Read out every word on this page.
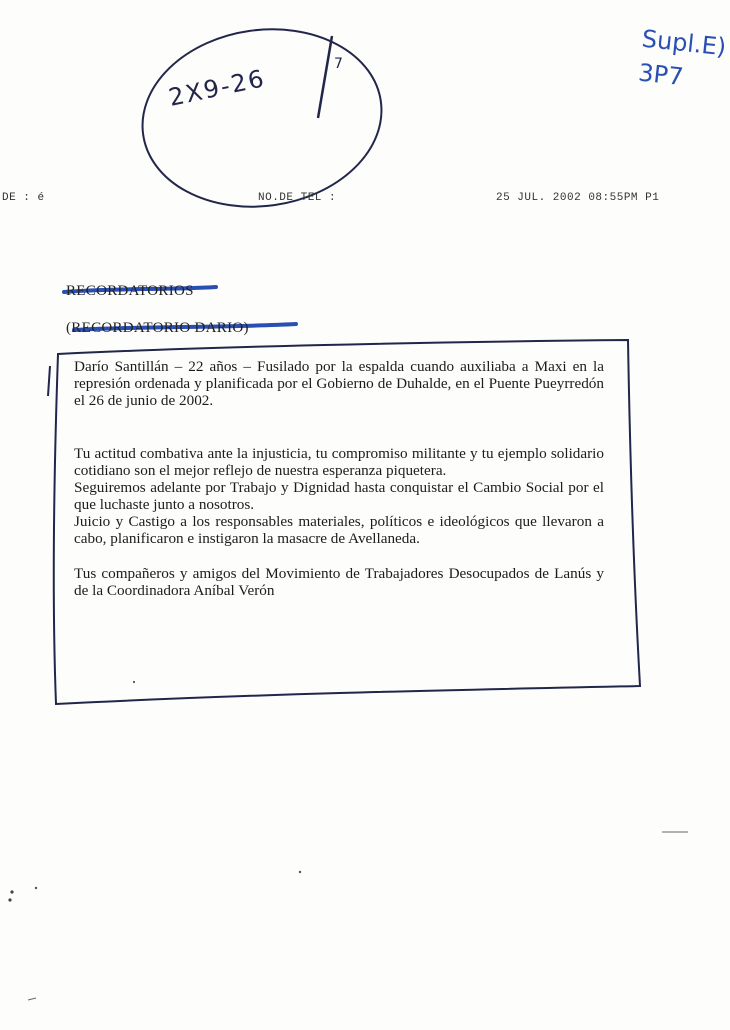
Supl.E)
3P7
2X9-26
7
DE : é	NO.DE TEL :	25 JUL. 2002 08:55PM P1
RECORDATORIOS
(RECORDATORIO DARIO)

Darío Santillán – 22 años – Fusilado por la espalda cuando auxiliaba a Maxi en la represión ordenada y planificada por el Gobierno de Duhalde, en el Puente Pueyrredón el 26 de junio de 2002.

Tu actitud combativa ante la injusticia, tu compromiso militante y tu ejemplo solidario cotidiano son el mejor reflejo de nuestra esperanza piquetera.

Seguiremos adelante por Trabajo y Dignidad hasta conquistar el Cambio Social por el que luchaste junto a nosotros.

Juicio y Castigo a los responsables materiales, políticos e ideológicos que llevaron a cabo, planificaron e instigaron la masacre de Avellaneda.

Tus compañeros y amigos del Movimiento de Trabajadores Desocupados de Lanús y de la Coordinadora Aníbal Verón
